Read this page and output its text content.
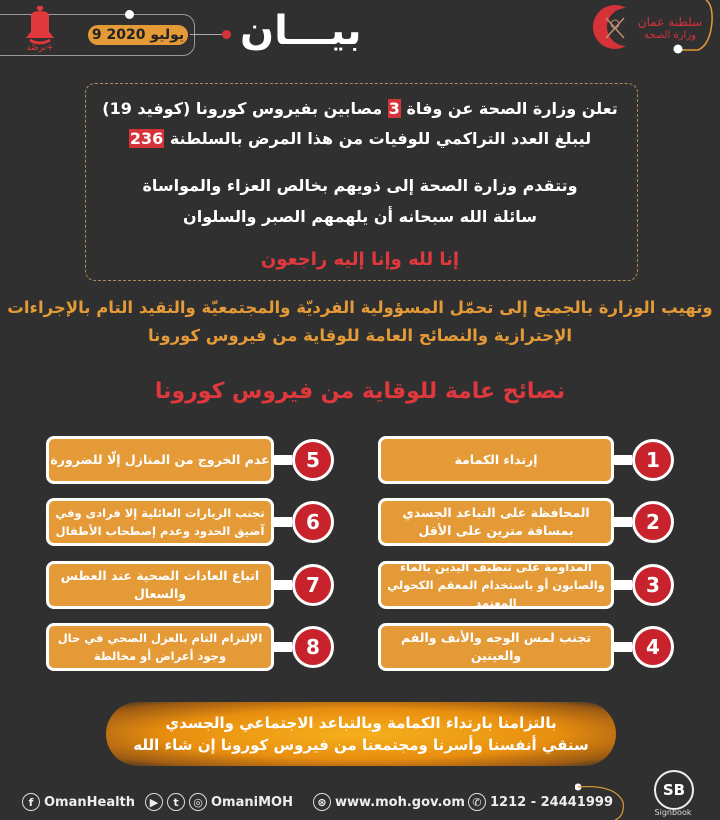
بيـــان
9 يوليو 2020
ترصُّد+
سلطنة عمان
وزارة الصحة
تعلن وزارة الصحة عن وفاة 3 مصابين بفيروس كورونا (كوفيد 19)
ليبلغ العدد التراكمي للوفيات من هذا المرض بالسلطنة 236
وتتقدم وزارة الصحة إلى ذويهم بخالص العزاء والمواساة
سائلة الله سبحانه أن يلهمهم الصبر والسلوان
إنا لله وإنا إليه راجعون
وتهيب الوزارة بالجميع إلى تحمّل المسؤولية الفرديّة والمجتمعيّة والتقيد التام بالإجراءات
الإحترازية والنصائح العامة للوقاية من فيروس كورونا
نصائح عامة للوقاية من فيروس كورونا
إرتداء الكمامة	1
المحافظة على التباعد الجسدي بمسافة مترين على الأقل	2
المداومة على تنظيف اليدين بالماء والصابون أو باستخدام المعقم الكحولي المعتمد
3
تجنب لمس الوجه والأنف والفم والعينين	4
عدم الخروج من المنازل إلّا للضرورة	5
تجنب الزيارات العائلية إلا فرادى وفي آضيق الحدود وعدم إصطحاب الأطفال	6
اتباع العادات الصحية عند العطس والسعال	7
الإلتزام التام بالعزل الصحي في حال وجود أعراض أو مخالطة	8
بالتزامنا بارتداء الكمامة وبالتباعد الاجتماعي والجسدي
سنقي أنفسنا وأسرنا ومجتمعنا من فيروس كورونا إن شاء الله
f OmanHealth	▶	t	◎ OmaniMOH	⊛ www.moh.gov.om ✆ 1212 - 24441999
SB
Signbook
